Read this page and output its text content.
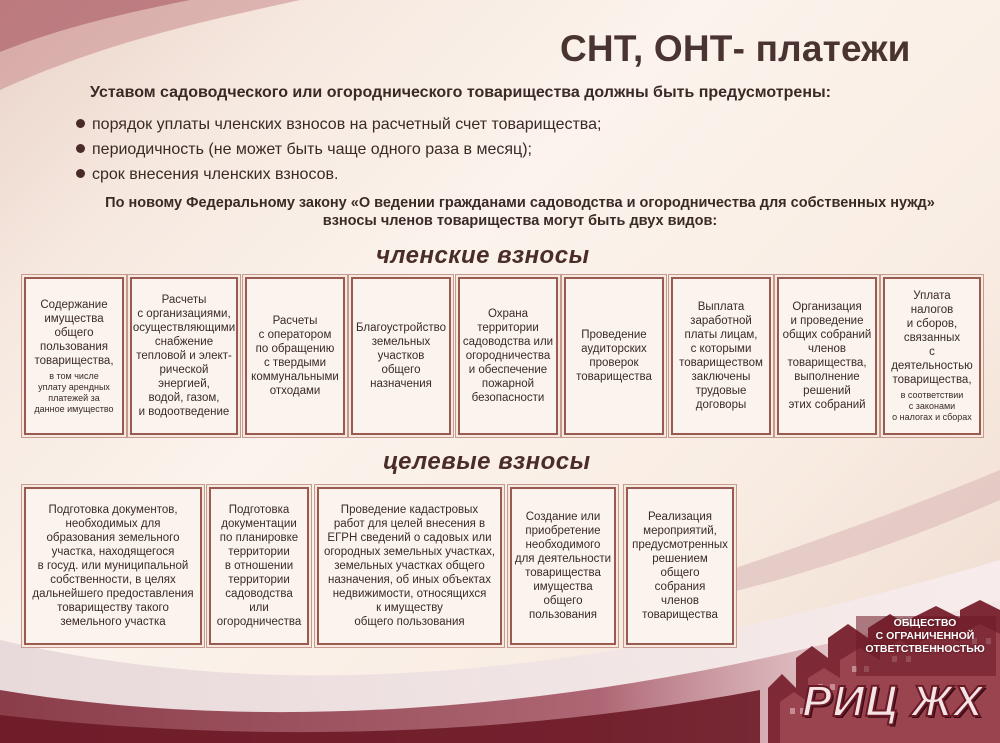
СНТ, ОНТ- платежи
Уставом садоводческого или огороднического товарищества должны быть предусмотрены:
порядок уплаты членских взносов на расчетный счет товарищества;
периодичность (не может быть чаще одного раза в месяц);
срок внесения членских взносов.
По новому Федеральному закону «О ведении гражданами садоводства и огородничества для собственных нужд» взносы членов товарищества могут быть двух видов:
членские взносы
Содержание
имущества
общего
пользования
товарищества,
в том числе
уплату арендных
платежей за
данное имущество
Расчеты
с организациями,
осуществляющими
снабжение
тепловой и элект-
рической энергией,
водой, газом,
и водоотведение
Расчеты
с оператором
по обращению
с твердыми
коммунальными
отходами
Благоустройство
земельных
участков
общего
назначения
Охрана
территории
садоводства или
огородничества
и обеспечение
пожарной
безопасности
Проведение
аудиторских
проверок
товарищества
Выплата
заработной
платы лицам,
с которыми
товариществом
заключены
трудовые
договоры
Организация
и проведение
общих собраний
членов
товарищества,
выполнение
решений
этих собраний
Уплата
налогов
и сборов,
связанных
с деятельностью
товарищества,
в соответствии
с законами
о налогах и сборах
целевые взносы
Подготовка документов,
необходимых для
образования земельного
участка, находящегося
в госуд. или муниципальной
собственности, в целях
дальнейшего предоставления
товариществу такого
земельного участка
Подготовка
документации
по планировке
территории
в отношении
территории
садоводства
или
огородничества
Проведение кадастровых
работ для целей внесения в
ЕГРН сведений о садовых или
огородных земельных участках,
земельных участках общего
назначения, об иных объектах
недвижимости, относящихся
к имуществу
общего пользования
Создание или
приобретение
необходимого
для деятельности
товарищества
имущества
общего
пользования
Реализация
мероприятий,
предусмотренных
решением
общего
собрания
членов
товарищества
ОБЩЕСТВО
С ОГРАНИЧЕННОЙ
ОТВЕТСТВЕННОСТЬЮ
РИЦ ЖХ
